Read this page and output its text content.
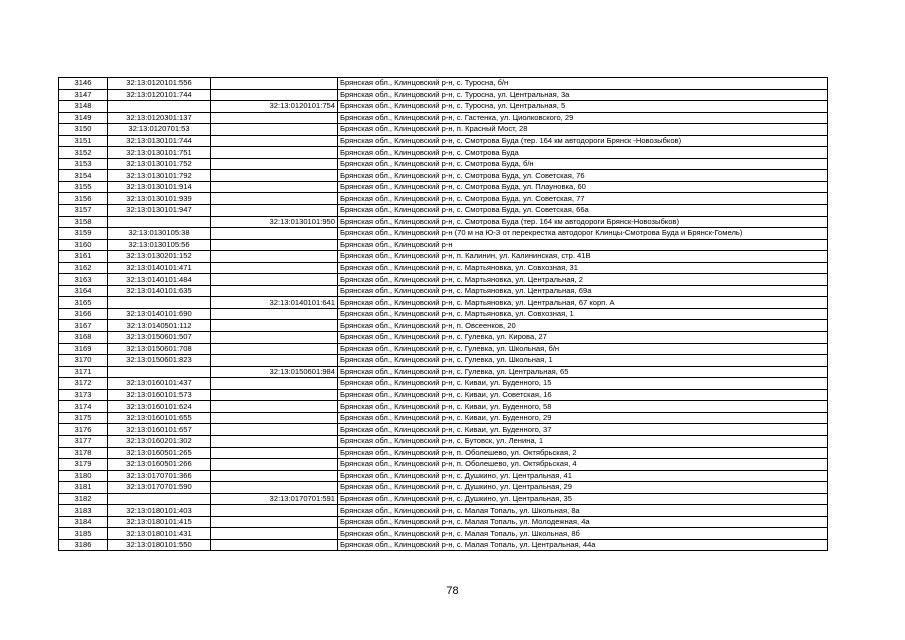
3146	32:13:0120101:556		Брянская обл., Клинцовский р-н, с. Туросна, б/н
3147	32:13:0120101:744		Брянская обл., Клинцовский р-н, с. Туросна, ул. Центральная, 3а
3148		32:13:0120101:754	Брянская обл., Клинцовский р-н, с. Туросна, ул. Центральная, 5
3149	32:13:0120301:137		Брянская обл., Клинцовский р-н, с. Гастенка, ул. Циолковского, 29
3150	32:13:0120701:53		Брянская обл., Клинцовский р-н, п. Красный Мост, 28
3151	32:13:0130101:744		Брянская обл., Клинцовский р-н, с. Смотрова Буда (тер. 164 км автодороги Брянск -Новозыбков)
3152	32:13:0130101:751		Брянская обл., Клинцовский р-н, с. Смотрова Буда
3153	32:13:0130101:752		Брянская обл., Клинцовский р-н, с. Смотрова Буда, б/н
3154	32:13:0130101:792		Брянская обл., Клинцовский р-н, с. Смотрова Буда, ул. Советская, 76
3155	32:13:0130101:914		Брянская обл., Клинцовский р-н, с. Смотрова Буда, ул. Плауновка, 60
3156	32:13:0130101:939		Брянская обл., Клинцовский р-н, с. Смотрова Буда, ул. Советская, 77
3157	32:13:0130101:947		Брянская обл., Клинцовский р-н, с. Смотрова Буда, ул. Советская, 66а
3158		32:13:0130101:950	Брянская обл., Клинцовский р-н, с. Смотрова Буда (тер. 164 км автодороги Брянск-Новозыбков)
3159	32:13:0130105:38		Брянская обл., Клинцовский р-н (70 м на Ю-З от перекрестка автодорог Клинцы-Смотрова Буда и Брянск-Гомель)
3160	32:13:0130105:56		Брянская обл., Клинцовский р-н
3161	32:13:0130201:152		Брянская обл., Клинцовский р-н, п. Калинин, ул. Калининская, стр. 41В
3162	32:13:0140101:471		Брянская обл., Клинцовский р-н, с. Мартьяновка, ул. Совхозная, 31
3163	32:13:0140101:484		Брянская обл., Клинцовский р-н, с. Мартьяновка, ул. Центральная, 2
3164	32:13:0140101:635		Брянская обл., Клинцовский р-н, с. Мартьяновка, ул. Центральная, 69а
3165		32:13:0140101:641	Брянская обл., Клинцовский р-н, с. Мартьяновка, ул. Центральная, 67 корп. А
3166	32:13:0140101:690		Брянская обл., Клинцовский р-н, с. Мартьяновка, ул. Совхозная, 1
3167	32:13:0140501:112		Брянская обл., Клинцовский р-н, п. Овсеенков, 20
3168	32:13:0150601:507		Брянская обл., Клинцовский р-н, с. Гулевка, ул. Кирова, 27
3169	32:13:0150601:708		Брянская обл., Клинцовский р-н, с. Гулевка, ул. Школьная, б/н
3170	32:13:0150601:823		Брянская обл., Клинцовский р-н, с. Гулевка, ул. Школьная, 1
3171		32:13:0150601:984	Брянская обл., Клинцовский р-н, с. Гулевка, ул. Центральная, 65
3172	32:13:0160101:437		Брянская обл., Клинцовский р-н, с. Киваи, ул. Буденного, 15
3173	32:13:0160101:573		Брянская обл., Клинцовский р-н, с. Киваи, ул. Советская, 16
3174	32:13:0160101:624		Брянская обл., Клинцовский р-н, с. Киваи, ул. Буденного, 58
3175	32:13:0160101:655		Брянская обл., Клинцовский р-н, с. Киваи, ул. Буденного, 29
3176	32:13:0160101:657		Брянская обл., Клинцовский р-н, с. Киваи, ул. Буденного, 37
3177	32:13:0160201:302		Брянская обл., Клинцовский р-н, с. Бутовск, ул. Ленина, 1
3178	32:13:0160501:265		Брянская обл., Клинцовский р-н, п. Оболешево, ул. Октябрьская, 2
3179	32:13:0160501:266		Брянская обл., Клинцовский р-н, п. Оболешево, ул. Октябрьская, 4
3180	32:13:0170701:366		Брянская обл., Клинцовский р-н, с. Душкино, ул. Центральная, 41
3181	32:13:0170701:590		Брянская обл., Клинцовский р-н, с. Душкино, ул. Центральная, 29
3182		32:13:0170701:591	Брянская обл., Клинцовский р-н, с. Душкино, ул. Центральная, 35
3183	32:13:0180101:403		Брянская обл., Клинцовский р-н, с. Малая Топаль, ул. Школьная, 8а
3184	32:13:0180101:415		Брянская обл., Клинцовский р-н, с. Малая Топаль, ул. Молодежная, 4а
3185	32:13:0180101:431		Брянская обл., Клинцовский р-н, с. Малая Топаль, ул. Школьная, 8б
3186	32:13:0180101:550		Брянская обл., Клинцовский р-н, с. Малая Топаль, ул. Центральная, 44а
78
